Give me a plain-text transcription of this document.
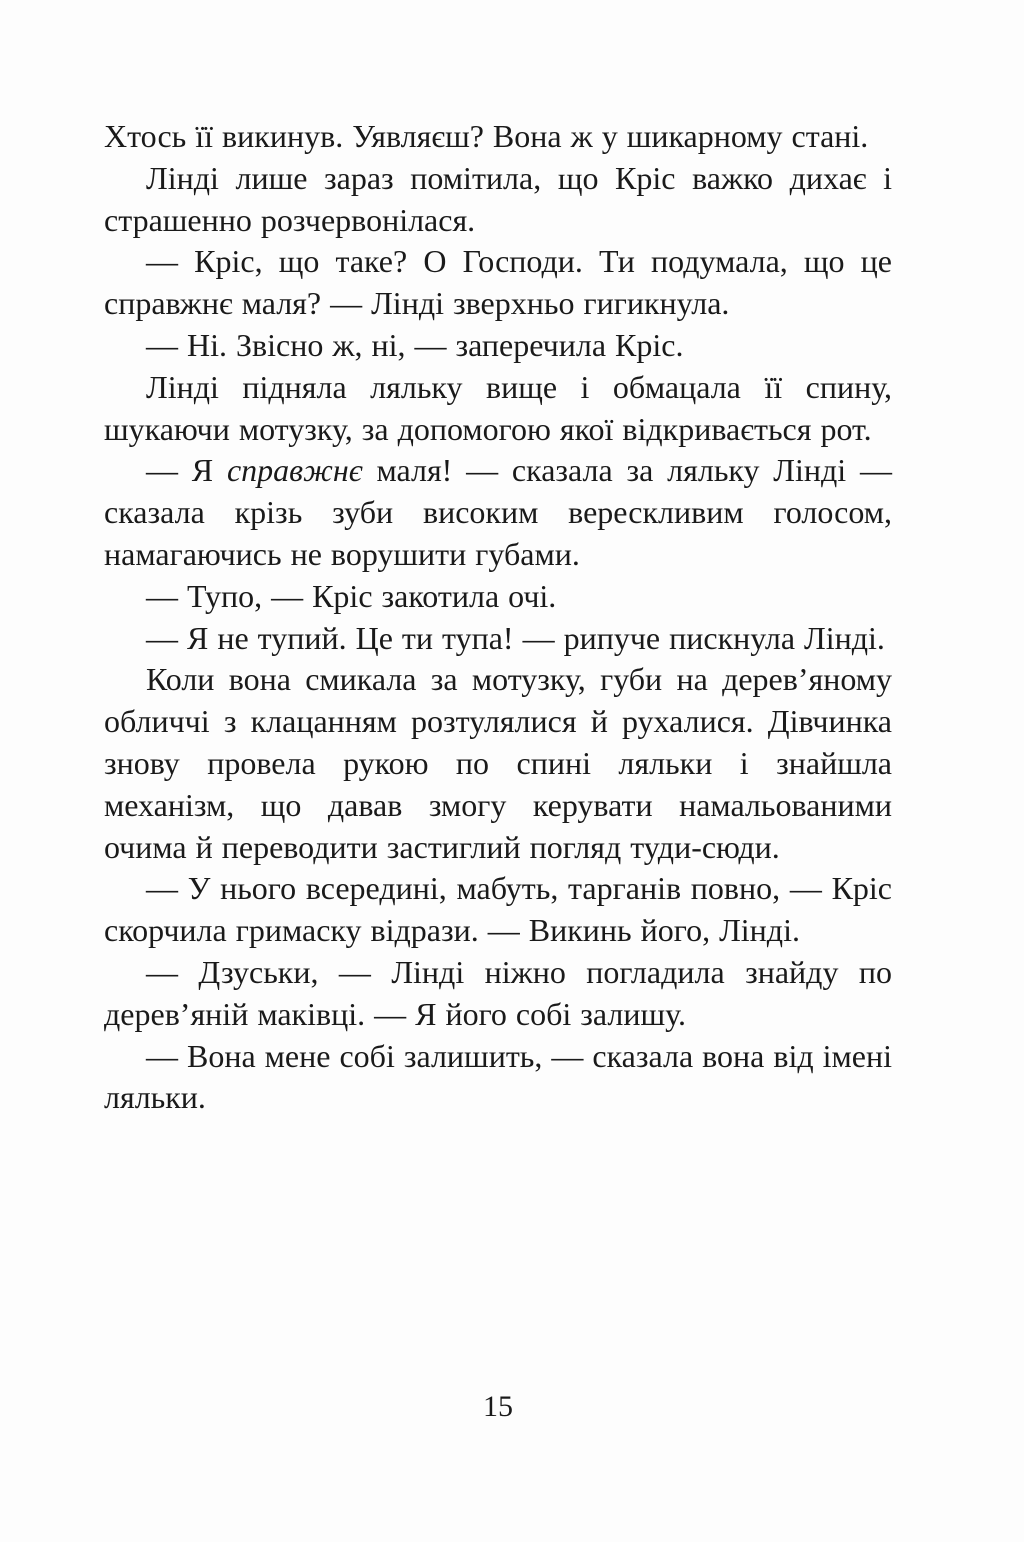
Хтось її викинув. Уявляєш? Вона ж у шикарному стані.

Лінді лише зараз помітила, що Кріс важко дихає і страшенно розчервонілася.

— Кріс, що таке? О Господи. Ти подумала, що це справжнє маля? — Лінді зверхньо гигикнула.

— Ні. Звісно ж, ні, — заперечила Кріс.

Лінді підняла ляльку вище і обмацала її спину, шукаючи мотузку, за допомогою якої відкривається рот.

— Я справжнє маля! — сказала за ляльку Лінді — сказала крізь зуби високим верескливим голосом, намагаючись не ворушити губами.

— Тупо, — Кріс закотила очі.

— Я не тупий. Це ти тупа! — рипуче пискнула Лінді.

Коли вона смикала за мотузку, губи на дерев’яному обличчі з клацанням розтулялися й рухалися. Дівчинка знову провела рукою по спині ляльки і знайшла механізм, що давав змогу керувати намальованими очима й переводити застиглий погляд туди-сюди.

— У нього всередині, мабуть, тарганів повно, — Кріс скорчила гримаску відрази. — Викинь його, Лінді.

— Дзуськи, — Лінді ніжно погладила знайду по дерев’яній маківці. — Я його собі залишу.

— Вона мене собі залишить, — сказала вона від імені ляльки.

15
